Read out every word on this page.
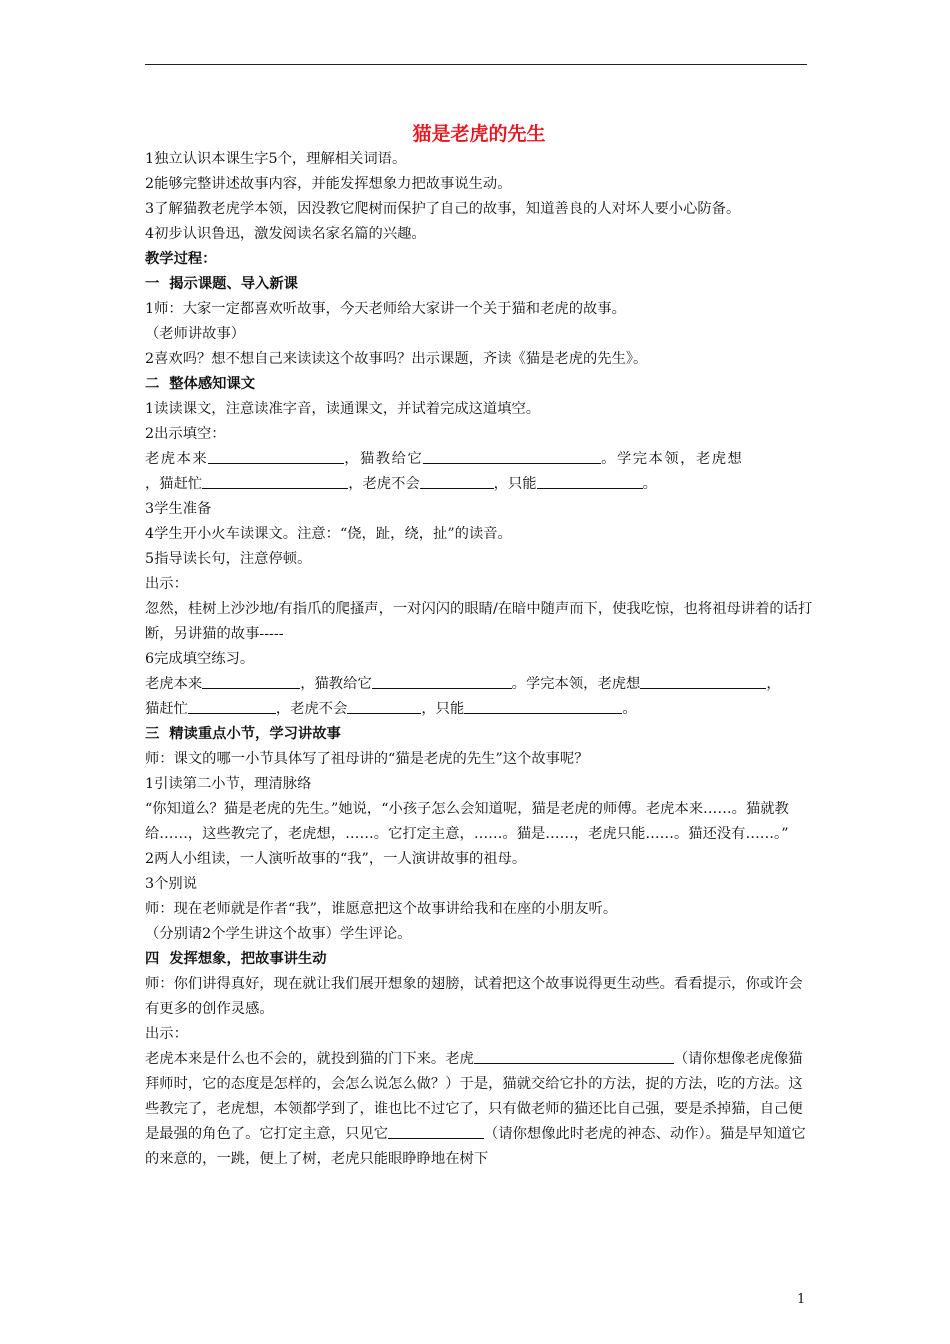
猫是老虎的先生

1独立认识本课生字5个，理解相关词语。

2能够完整讲述故事内容，并能发挥想象力把故事说生动。

3了解猫教老虎学本领，因没教它爬树而保护了自己的故事，知道善良的人对坏人要小心防备。

4初步认识鲁迅，激发阅读名家名篇的兴趣。

教学过程：

一  揭示课题、导入新课

1师：大家一定都喜欢听故事，今天老师给大家讲一个关于猫和老虎的故事。

（老师讲故事）

2喜欢吗？想不想自己来读读这个故事吗？出示课题，齐读《猫是老虎的先生》。

二  整体感知课文

1读读课文，注意读准字音，读通课文，并试着完成这道填空。

2出示填空：

老虎本来	，猫教给它	。学完本领，老虎想

，猫赶忙	，老虎不会	，只能	。

3学生准备

4学生开小火车读课文。注意：“侥，趾，绕，扯”的读音。

5指导读长句，注意停顿。

出示：

忽然，桂树上沙沙地/有指爪的爬搔声，一对闪闪的眼睛/在暗中随声而下，使我吃惊，也将祖母讲着的话打断，另讲猫的故事-----

6完成填空练习。

老虎本来	，猫教给它	。学完本领，老虎想	，

猫赶忙	，老虎不会	，只能	。

三  精读重点小节，学习讲故事

师：课文的哪一小节具体写了祖母讲的“猫是老虎的先生”这个故事呢？

1引读第二小节，理清脉络

“你知道么？猫是老虎的先生。”她说，“小孩子怎么会知道呢，猫是老虎的师傅。老虎本来……。猫就教给……，这些教完了，老虎想，……。它打定主意，……。猫是……，老虎只能……。猫还没有……。”

2两人小组读，一人演听故事的“我”，一人演讲故事的祖母。

3个别说

师：现在老师就是作者“我”，谁愿意把这个故事讲给我和在座的小朋友听。

（分别请2个学生讲这个故事）学生评论。

四  发挥想象，把故事讲生动

师：你们讲得真好，现在就让我们展开想象的翅膀，试着把这个故事说得更生动些。看看提示，你或许会有更多的创作灵感。

出示：

老虎本来是什么也不会的，就投到猫的门下来。老虎	（请你想像老虎像猫拜师时，它的态度是怎样的，会怎么说怎么做？）于是，猫就交给它扑的方法，捉的方法，吃的方法。这些教完了，老虎想，本领都学到了，谁也比不过它了，只有做老师的猫还比自己强，要是杀掉猫，自己便是最强的角色了。它打定主意，只见它	（请你想像此时老虎的神态、动作）。猫是早知道它的来意的，一跳，便上了树，老虎只能眼睁睁地在树下

1
